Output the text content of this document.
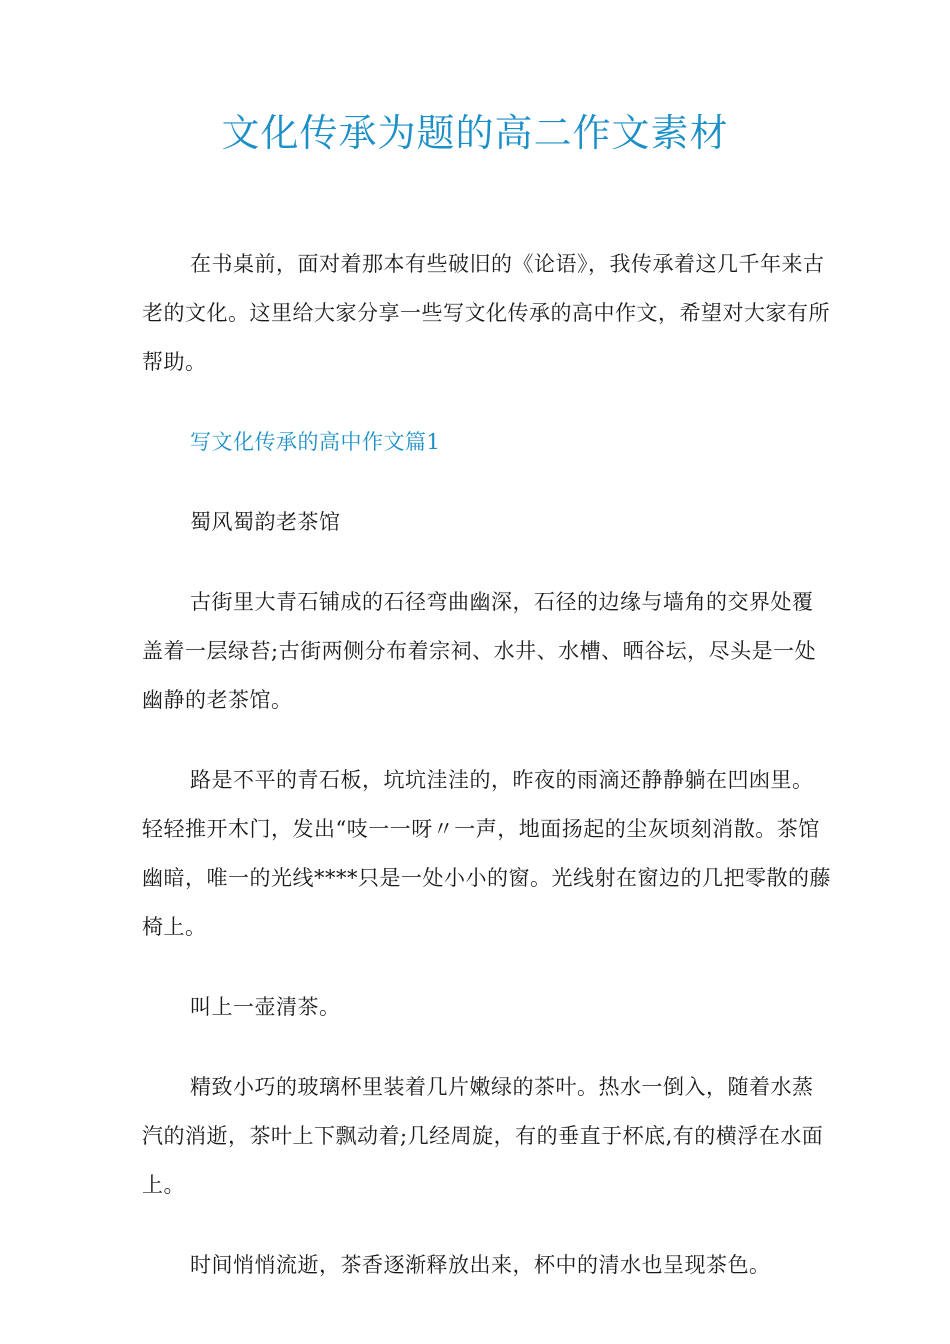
文化传承为题的高二作文素材

在书桌前，面对着那本有些破旧的《论语》，我传承着这几千年来古老的文化。这里给大家分享一些写文化传承的高中作文，希望对大家有所帮助。

写文化传承的高中作文篇1

蜀风蜀韵老茶馆

古街里大青石铺成的石径弯曲幽深，石径的边缘与墙角的交界处覆盖着一层绿苔;古街两侧分布着宗祠、水井、水槽、晒谷坛，尽头是一处幽静的老茶馆。

路是不平的青石板，坑坑洼洼的，昨夜的雨滴还静静躺在凹凼里。轻轻推开木门，发出“吱一一呀〃一声，地面扬起的尘灰顷刻消散。茶馆幽暗，唯一的光线****只是一处小小的窗。光线射在窗边的几把零散的藤椅上。

叫上一壶清茶。

精致小巧的玻璃杯里装着几片嫩绿的茶叶。热水一倒入，随着水蒸汽的消逝，茶叶上下飘动着;几经周旋，有的垂直于杯底,有的横浮在水面上。

时间悄悄流逝，茶香逐渐释放出来，杯中的清水也呈现茶色。
